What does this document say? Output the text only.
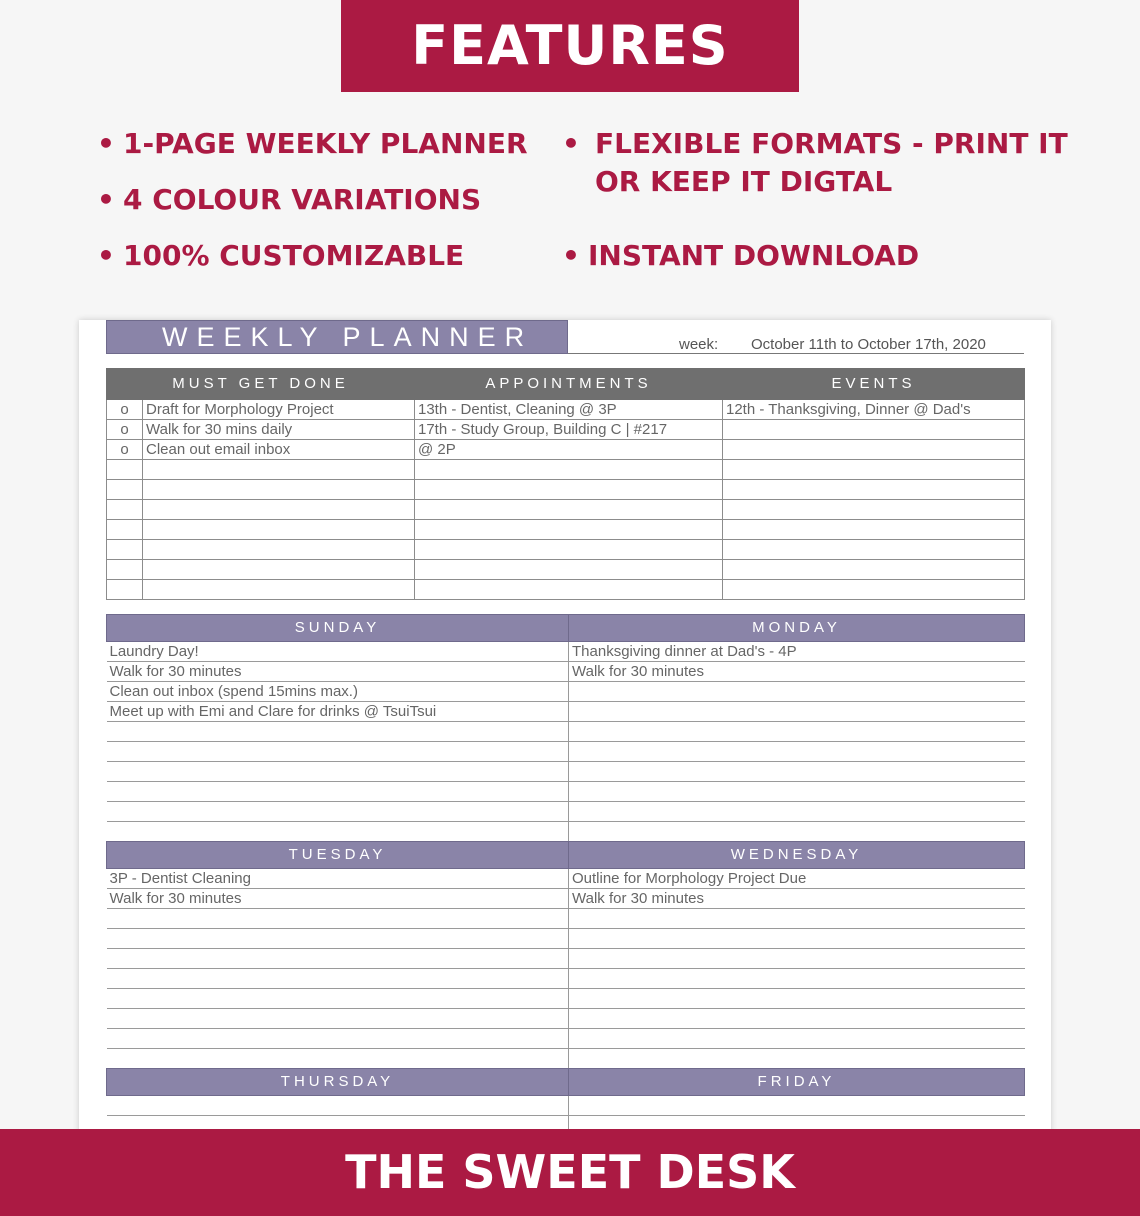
FEATURES
• 1-PAGE WEEKLY PLANNER
• 4 COLOUR VARIATIONS
• 100% CUSTOMIZABLE
• FLEXIBLE FORMATS - PRINT IT
OR KEEP IT DIGTAL
• INSTANT DOWNLOAD
WEEKLY PLANNER	week: October 11th to October 17th, 2020
MUST GET DONE		APPOINTMENTS	EVENTS
o	Draft for Morphology Project	13th - Dentist, Cleaning @ 3P	12th - Thanksgiving, Dinner @ Dad's
o	Walk for 30 mins daily	17th - Study Group, Building C | #217	
o	Clean out email inbox	@ 2P	

SUNDAY	MONDAY
Laundry Day!	Thanksgiving dinner at Dad's - 4P
Walk for 30 minutes	Walk for 30 minutes
Clean out inbox (spend 15mins max.)	
Meet up with Emi and Clare for drinks @ TsuiTsui	

TUESDAY	WEDNESDAY
3P - Dentist Cleaning	Outline for Morphology Project Due
Walk for 30 minutes	Walk for 30 minutes

THURSDAY	FRIDAY

THE SWEET DESK
